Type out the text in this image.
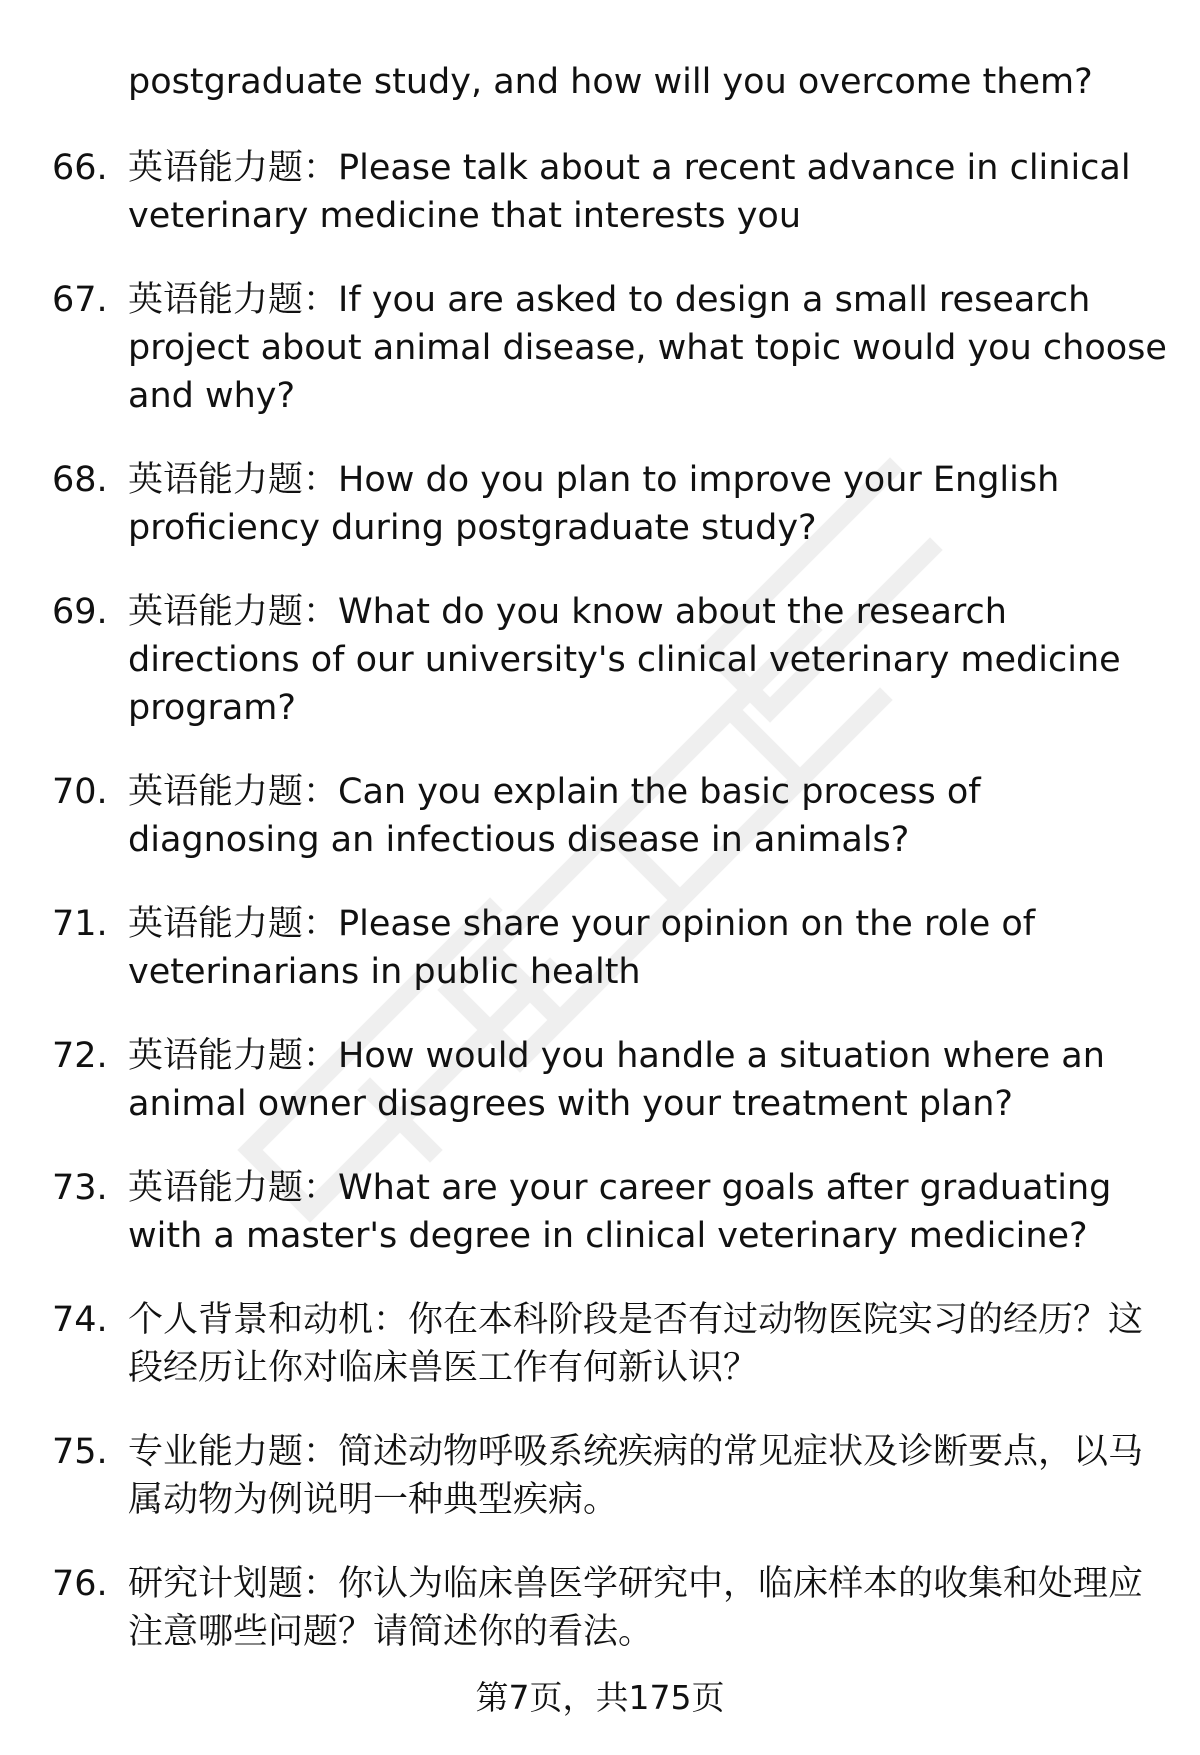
postgraduate study, and how will you overcome them?
66. 英语能力题：Please talk about a recent advance in clinical veterinary medicine that interests you
67. 英语能力题：If you are asked to design a small research project about animal disease, what topic would you choose and why?
68. 英语能力题：How do you plan to improve your English proficiency during postgraduate study?
69. 英语能力题：What do you know about the research directions of our university's clinical veterinary medicine program?
70. 英语能力题：Can you explain the basic process of diagnosing an infectious disease in animals?
71. 英语能力题：Please share your opinion on the role of veterinarians in public health
72. 英语能力题：How would you handle a situation where an animal owner disagrees with your treatment plan?
73. 英语能力题：What are your career goals after graduating with a master's degree in clinical veterinary medicine?
74. 个人背景和动机：你在本科阶段是否有过动物医院实习的经历？这段经历让你对临床兽医工作有何新认识？
75. 专业能力题：简述动物呼吸系统疾病的常见症状及诊断要点，以马属动物为例说明一种典型疾病。
76. 研究计划题：你认为临床兽医学研究中，临床样本的收集和处理应注意哪些问题？请简述你的看法。
第7页，共175页
